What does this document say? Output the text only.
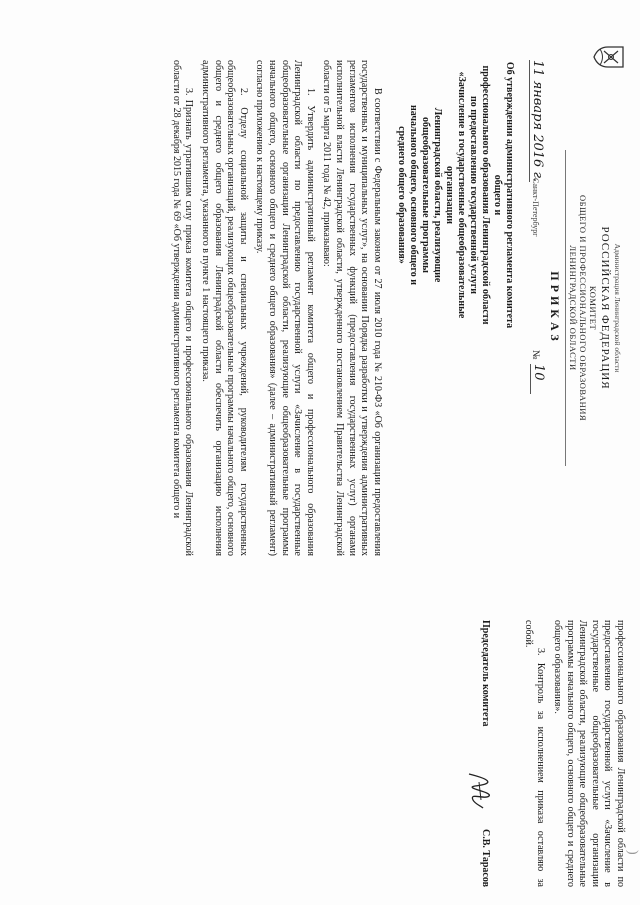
Администрация Ленинградской области
РОССИЙСКАЯ ФЕДЕРАЦИЯ
КОМИТЕТ
ОБЩЕГО И ПРОФЕССИОНАЛЬНОГО ОБРАЗОВАНИЯ
ЛЕНИНГРАДСКОЙ ОБЛАСТИ
ПРИКАЗ
11 января 2016 г.
Санкт-Петербург
№
10
Об утверждении административного регламента комитета общего и
профессионального образования Ленинградской области
по предоставлению государственной услуги
«Зачисление в государственные общеобразовательные организации
Ленинградской области, реализующие общеобразовательные программы
начального общего, основного общего и
среднего общего образования»

В соответствии с Федеральным законом от 27 июля 2010 года № 210-ФЗ «Об организации предоставления государственных и муниципальных услуг», на основании Порядка разработки и утверждения административных регламентов исполнения государственных функций (предоставления государственных услуг) органами исполнительной власти Ленинградской области, утвержденного постановлением Правительства Ленинградской области от 5 марта 2011 года № 42, приказываю:

1. Утвердить административный регламент комитета общего и профессионального образования Ленинградской области по предоставлению государственной услуги «Зачисление в государственные общеобразовательные организации Ленинградской области, реализующие общеобразовательные программы начального общего, основного общего и среднего общего образования» (далее – административный регламент) согласно приложению к настоящему приказу.

2. Отделу социальной защиты и специальных учреждений, руководителям государственных общеобразовательных организаций, реализующих общеобразовательные программы начального общего, основного общего и среднего общего образования Ленинградской области обеспечить организацию исполнения административного регламента, указанного в пункте 1 настоящего приказа.

3. Признать утратившим силу приказ комитета общего и профессионального образования Ленинградской области от 28 декабря 2015 года № 69 «Об утверждении административного регламента комитета общего и

)

профессионального образования Ленинградской области по предоставлению государственной услуги «Зачисление в государственные общеобразовательные организации Ленинградской области, реализующие общеобразовательные программы начального общего, основного общего и среднего общего образования».

3. Контроль за исполнением приказа оставляю за собой.

Председатель комитета
С.В. Тарасов
